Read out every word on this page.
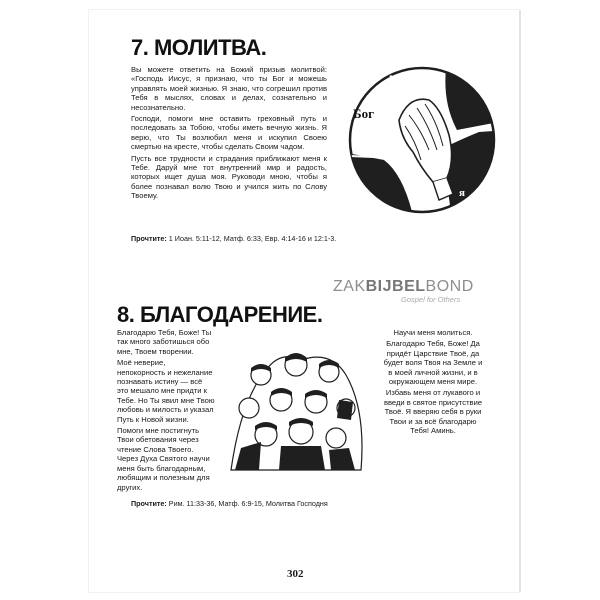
7. МОЛИТВА.

Вы можете ответить на Божий призыв молитвой: «Господь Иисус, я признаю, что ты Бог и можешь управлять моей жизнью. Я знаю, что согрешил против Тебя в мыслях, словах и делах, сознательно и несознательно.

Господи, помоги мне оставить греховный путь и последовать за Тобою, чтобы иметь вечную жизнь. Я верю, что Ты возлюбил меня и искупил Своею смертью на кресте, чтобы сделать Своим чадом.

Пусть все трудности и страдания приближают меня к Тебе. Даруй мне тот внутренний мир и радость, которых ищет душа моя. Руководи мною, чтобы я более познавал волю Твою и учился жить по Слову Твоему.

Бог
я
Прочтите: 1 Иоан. 5:11-12, Матф. 6:33, Евр. 4:14-16 и 12:1-3.
8. БЛАГОДАРЕНИЕ.

Благодарю Тебя, Боже! Ты так много заботишься обо мне, Твоем творении.

Моё неверие, непокорность и нежелание познавать истину — всё это мешало мне придти к Тебе. Но Ты явил мне Твою любовь и милость и указал Путь к Новой жизни.

Помоги мне постигнуть Твои обетования через чтение Слова Твоего. Через Духа Святого научи меня быть благодарным, любящим и полезным для других.

Научи меня молиться.

Благодарю Тебя, Боже! Да придёт Царствие Твоё, да будет воля Твоя на Земле и в моей личной жизни, и в окружающем меня мире.

Избавь меня от лукавого и введи в святое присутствие Твоё. Я вверяю себя в руки Твои и за всё благодарю Тебя! Аминь.

Прочтите: Рим. 11:33-36, Матф. 6:9-15, Молитва Господня
302
ZAKBIJBELBOND
Gospel for Others
